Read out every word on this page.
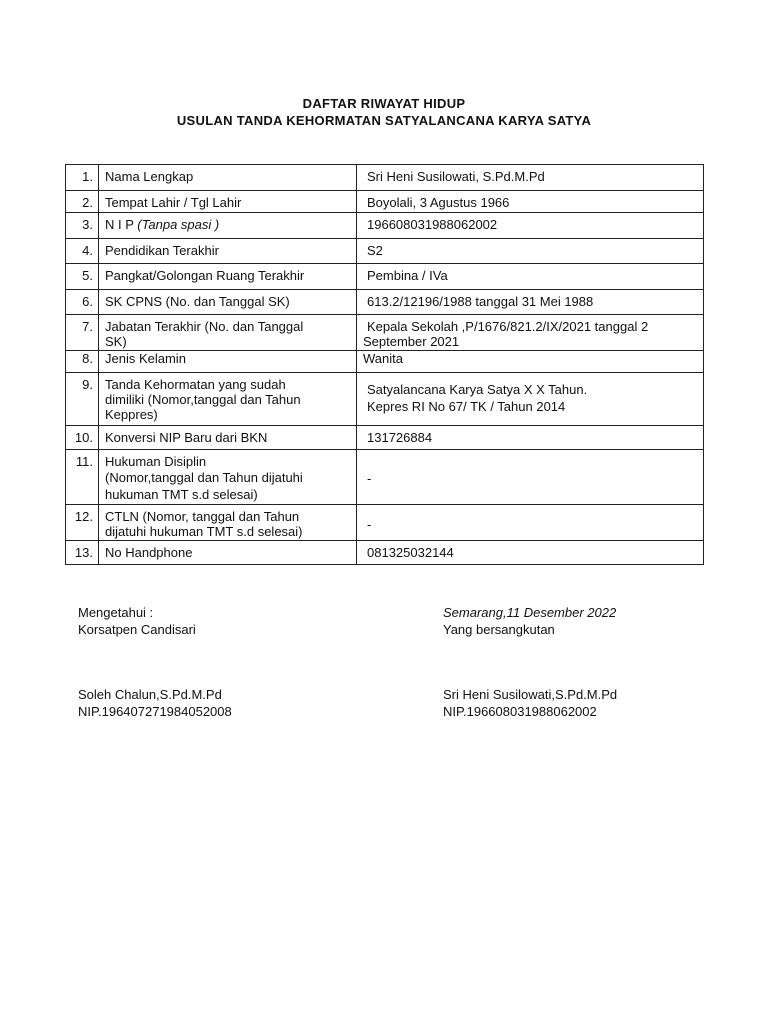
DAFTAR RIWAYAT HIDUP
USULAN TANDA KEHORMATAN SATYALANCANA KARYA SATYA
1.	Nama Lengkap	Sri Heni Susilowati, S.Pd.M.Pd
2.	Tempat Lahir / Tgl Lahir	Boyolali, 3 Agustus 1966
3.	N I P (Tanpa spasi )	196608031988062002
4.	Pendidikan Terakhir	S2
5.	Pangkat/Golongan Ruang Terakhir	Pembina / IVa
6.	SK CPNS (No. dan Tanggal SK)	613.2/12196/1988 tanggal 31 Mei 1988
7.	Jabatan Terakhir (No. dan Tanggal
SK)	Kepala Sekolah ,P/1676/821.2/IX/2021 tanggal 2
September 2021

8.	Jenis Kelamin	Wanita
9.	Tanda Kehormatan yang sudah
dimiliki (Nomor,tanggal dan Tahun
Keppres)	Satyalancana Karya Satya X X Tahun.
Kepres RI No 67/ TK / Tahun 2014

10.	Konversi NIP Baru dari BKN	131726884
11.	Hukuman Disiplin
(Nomor,tanggal dan Tahun dijatuhi
hukuman TMT s.d selesai)	-
12.	CTLN (Nomor, tanggal dan Tahun
dijatuhi hukuman TMT s.d selesai)	-
13.	No Handphone	081325032144
Mengetahui :
Korsatpen Candisari
Semarang,11 Desember 2022
Yang bersangkutan
Soleh Chalun,S.Pd.M.Pd
NIP.196407271984052008
Sri Heni Susilowati,S.Pd.M.Pd
NIP.196608031988062002
